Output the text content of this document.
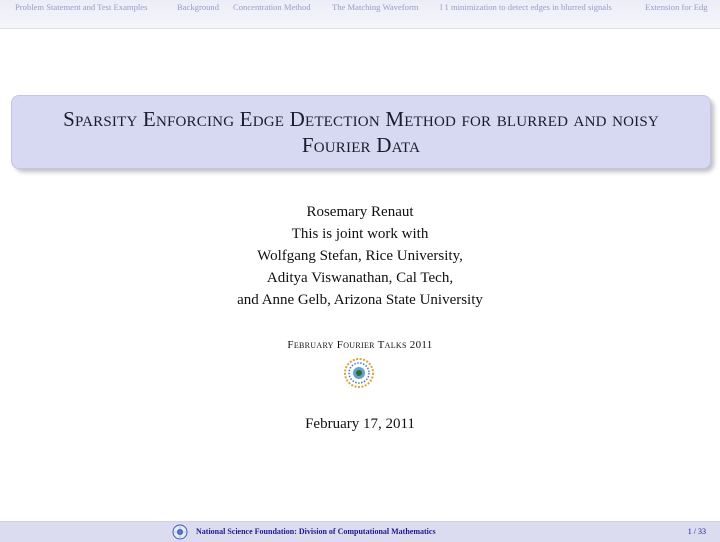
Problem Statement and Test Examples	Background Concentration Method The Matching Waveform	l 1 minimization to detect edges in blurred signals	Extension for Edg
Sparsity Enforcing Edge Detection Method for blurred and noisy Fourier Data
Rosemary Renaut
This is joint work with
Wolfgang Stefan, Rice University,
Aditya Viswanathan, Cal Tech,
and Anne Gelb, Arizona State University
February Fourier Talks 2011
February 17, 2011
National Science Foundation: Division of Computational Mathematics	1 / 33
